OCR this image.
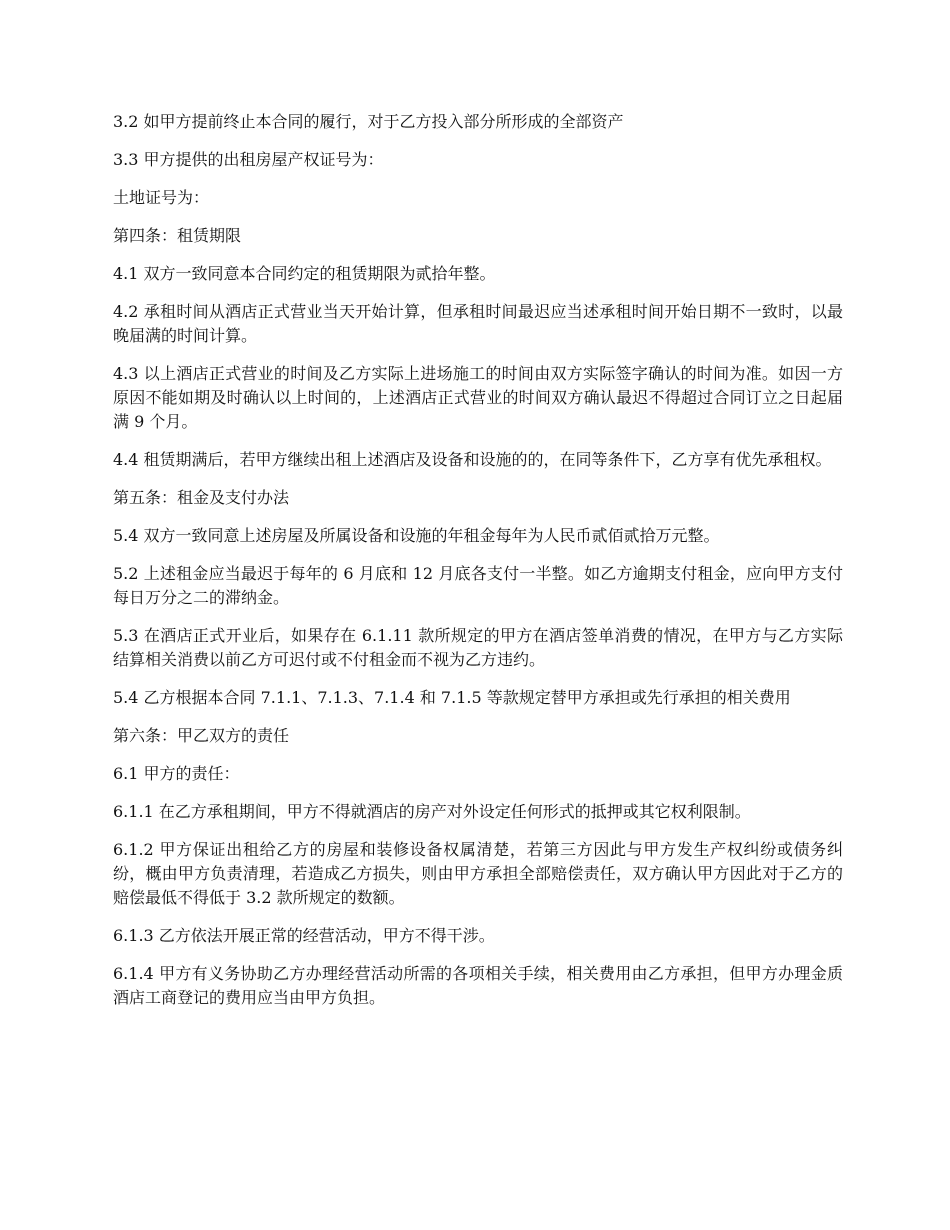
3.2 如甲方提前终止本合同的履行，对于乙方投入部分所形成的全部资产

3.3 甲方提供的出租房屋产权证号为：

土地证号为：

第四条：租赁期限

4.1 双方一致同意本合同约定的租赁期限为贰拾年整。

4.2 承租时间从酒店正式营业当天开始计算，但承租时间最迟应当述承租时间开始日期不一致时，以最晚届满的时间计算。

4.3 以上酒店正式营业的时间及乙方实际上进场施工的时间由双方实际签字确认的时间为准。如因一方原因不能如期及时确认以上时间的，上述酒店正式营业的时间双方确认最迟不得超过合同订立之日起届满 9 个月。

4.4 租赁期满后，若甲方继续出租上述酒店及设备和设施的的，在同等条件下，乙方享有优先承租权。

第五条：租金及支付办法

5.4 双方一致同意上述房屋及所属设备和设施的年租金每年为人民币贰佰贰拾万元整。

5.2 上述租金应当最迟于每年的 6 月底和 12 月底各支付一半整。如乙方逾期支付租金，应向甲方支付每日万分之二的滞纳金。

5.3 在酒店正式开业后，如果存在 6.1.11 款所规定的甲方在酒店签单消费的情况，在甲方与乙方实际结算相关消费以前乙方可迟付或不付租金而不视为乙方违约。

5.4 乙方根据本合同 7.1.1、7.1.3、7.1.4 和 7.1.5 等款规定替甲方承担或先行承担的相关费用

第六条：甲乙双方的责任

6.1 甲方的责任：

6.1.1 在乙方承租期间，甲方不得就酒店的房产对外设定任何形式的抵押或其它权利限制。

6.1.2 甲方保证出租给乙方的房屋和装修设备权属清楚，若第三方因此与甲方发生产权纠纷或债务纠纷，概由甲方负责清理，若造成乙方损失，则由甲方承担全部赔偿责任，双方确认甲方因此对于乙方的赔偿最低不得低于 3.2 款所规定的数额。

6.1.3 乙方依法开展正常的经营活动，甲方不得干涉。

6.1.4 甲方有义务协助乙方办理经营活动所需的各项相关手续，相关费用由乙方承担，但甲方办理金质酒店工商登记的费用应当由甲方负担。
